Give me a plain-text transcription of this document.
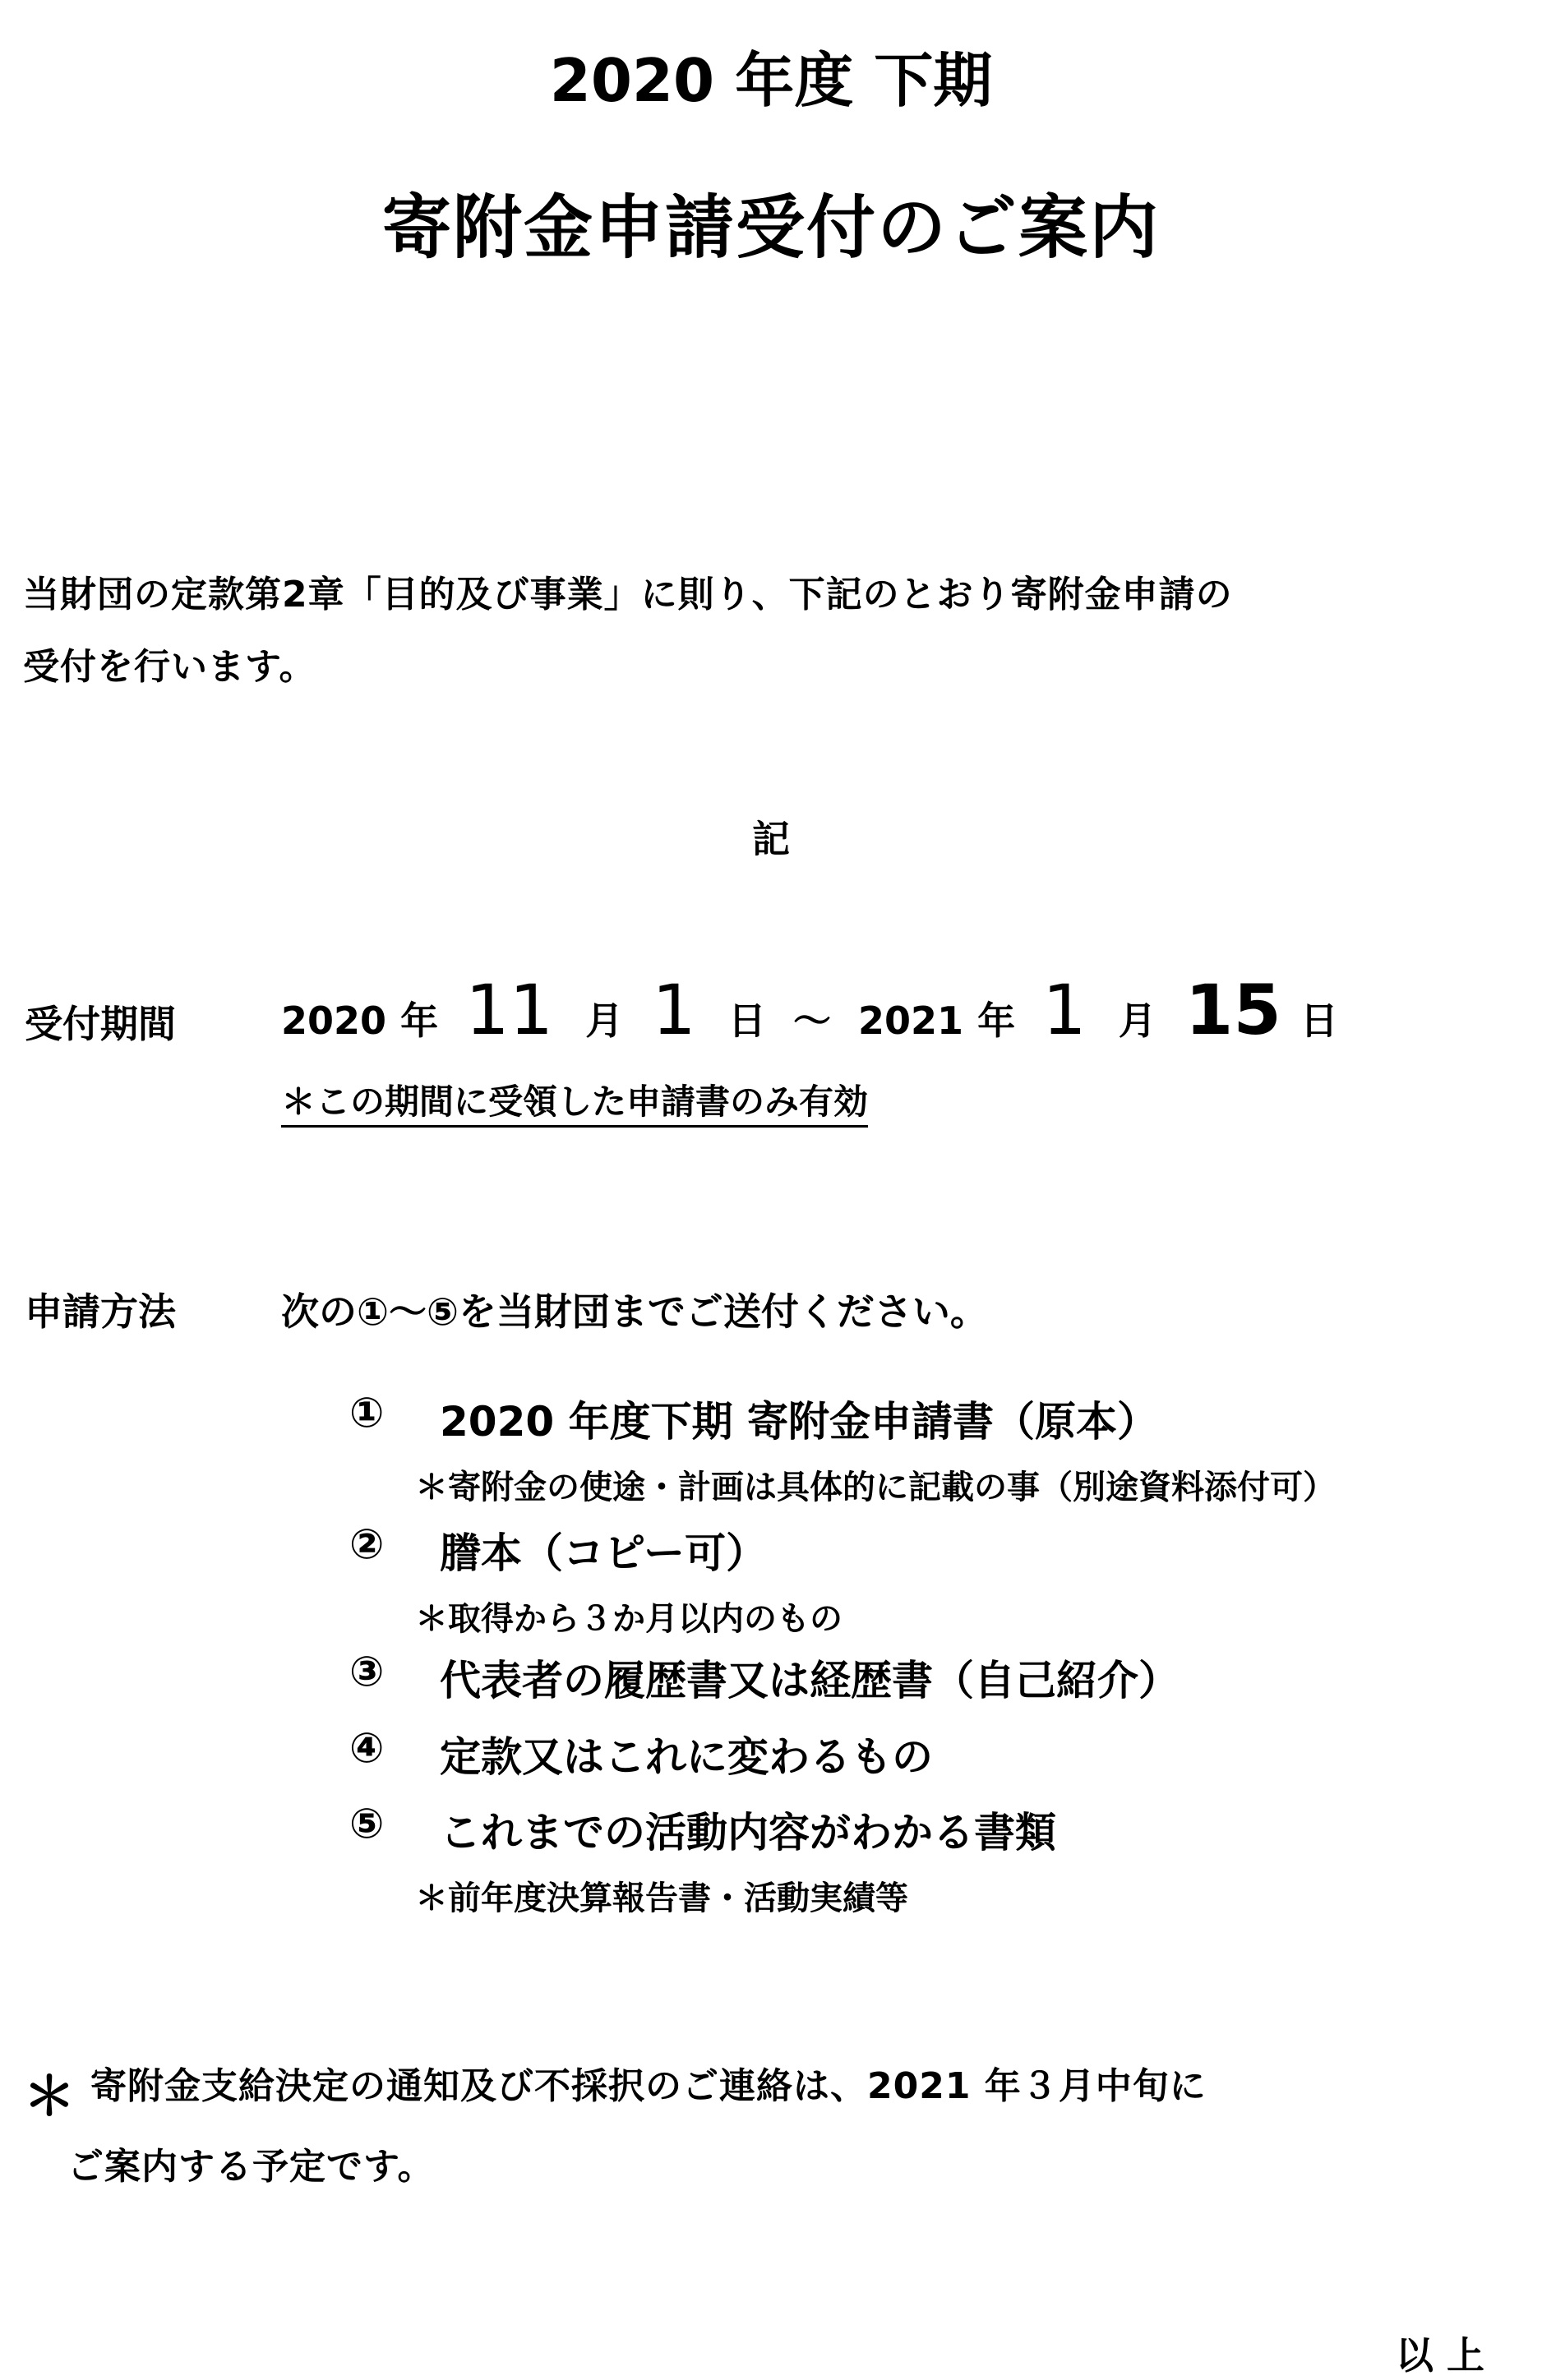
2020 年度 下期
寄附金申請受付のご案内
当財団の定款第2章「目的及び事業」に則り、下記のとおり寄附金申請の
受付を行います。
記
受付期間	2020 年 11 月 1 日 ～ 2021 年 1 月 15 日
＊この期間に受領した申請書のみ有効
申請方法	次の①～⑤を当財団までご送付ください。
① 2020 年度下期 寄附金申請書（原本）
＊寄附金の使途・計画は具体的に記載の事（別途資料添付可）
② 謄本（コピー可）
＊取得から３か月以内のもの
③ 代表者の履歴書又は経歴書（自己紹介）
④ 定款又はこれに変わるもの
⑤ これまでの活動内容がわかる書類
＊前年度決算報告書・活動実績等
＊ 寄附金支給決定の通知及び不採択のご連絡は、2021 年３月中旬に
ご案内する予定です。
以 上
